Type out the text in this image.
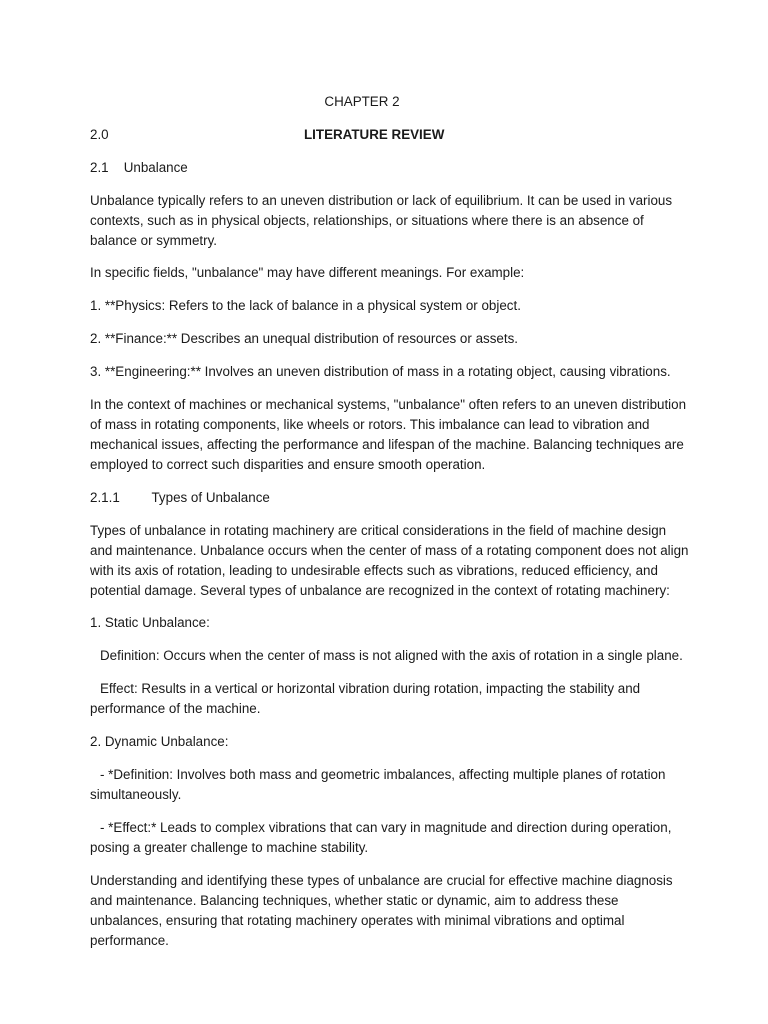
CHAPTER 2
2.0	LITERATURE REVIEW
2.1 Unbalance

Unbalance typically refers to an uneven distribution or lack of equilibrium. It can be used in various contexts, such as in physical objects, relationships, or situations where there is an absence of balance or symmetry.

In specific fields, "unbalance" may have different meanings. For example:

1. **Physics: Refers to the lack of balance in a physical system or object.

2. **Finance:** Describes an unequal distribution of resources or assets.

3. **Engineering:** Involves an uneven distribution of mass in a rotating object, causing vibrations.

In the context of machines or mechanical systems, "unbalance" often refers to an uneven distribution of mass in rotating components, like wheels or rotors. This imbalance can lead to vibration and mechanical issues, affecting the performance and lifespan of the machine. Balancing techniques are employed to correct such disparities and ensure smooth operation.

2.1.1 Types of Unbalance

Types of unbalance in rotating machinery are critical considerations in the field of machine design and maintenance. Unbalance occurs when the center of mass of a rotating component does not align with its axis of rotation, leading to undesirable effects such as vibrations, reduced efficiency, and potential damage. Several types of unbalance are recognized in the context of rotating machinery:

1. Static Unbalance:

Definition: Occurs when the center of mass is not aligned with the axis of rotation in a single plane.

Effect: Results in a vertical or horizontal vibration during rotation, impacting the stability and performance of the machine.

2. Dynamic Unbalance:

- *Definition: Involves both mass and geometric imbalances, affecting multiple planes of rotation simultaneously.

- *Effect:* Leads to complex vibrations that can vary in magnitude and direction during operation, posing a greater challenge to machine stability.

Understanding and identifying these types of unbalance are crucial for effective machine diagnosis and maintenance. Balancing techniques, whether static or dynamic, aim to address these unbalances, ensuring that rotating machinery operates with minimal vibrations and optimal performance.
